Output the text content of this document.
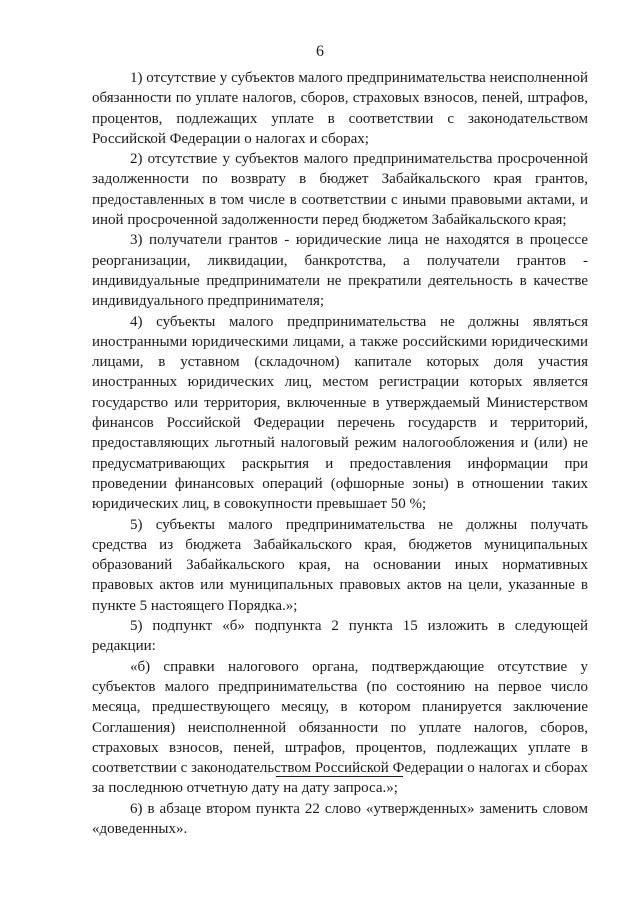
6

1) отсутствие у субъектов малого предпринимательства неисполненной обязанности по уплате налогов, сборов, страховых взносов, пеней, штрафов, процентов, подлежащих уплате в соответствии с законодательством Российской Федерации о налогах и сборах;

2) отсутствие у субъектов малого предпринимательства просроченной задолженности по возврату в бюджет Забайкальского края грантов, предоставленных в том числе в соответствии с иными правовыми актами, и иной просроченной задолженности перед бюджетом Забайкальского края;

3) получатели грантов - юридические лица не находятся в процессе реорганизации, ликвидации, банкротства, а получатели грантов - индивидуальные предприниматели не прекратили деятельность в качестве индивидуального предпринимателя;

4) субъекты малого предпринимательства не должны являться иностранными юридическими лицами, а также российскими юридическими лицами, в уставном (складочном) капитале которых доля участия иностранных юридических лиц, местом регистрации которых является государство или территория, включенные в утверждаемый Министерством финансов Российской Федерации перечень государств и территорий, предоставляющих льготный налоговый режим налогообложения и (или) не предусматривающих раскрытия и предоставления информации при проведении финансовых операций (офшорные зоны) в отношении таких юридических лиц, в совокупности превышает 50 %;

5) субъекты малого предпринимательства не должны получать средства из бюджета Забайкальского края, бюджетов муниципальных образований Забайкальского края, на основании иных нормативных правовых актов или муниципальных правовых актов на цели, указанные в пункте 5 настоящего Порядка.»;

5) подпункт «б» подпункта 2 пункта 15 изложить в следующей редакции:

«б) справки налогового органа, подтверждающие отсутствие у субъектов малого предпринимательства (по состоянию на первое число месяца, предшествующего месяцу, в котором планируется заключение Соглашения) неисполненной обязанности по уплате налогов, сборов, страховых взносов, пеней, штрафов, процентов, подлежащих уплате в соответствии с законодательством Российской Федерации о налогах и сборах за последнюю отчетную дату на дату запроса.»;

6) в абзаце втором пункта 22 слово «утвержденных» заменить словом «доведенных».
